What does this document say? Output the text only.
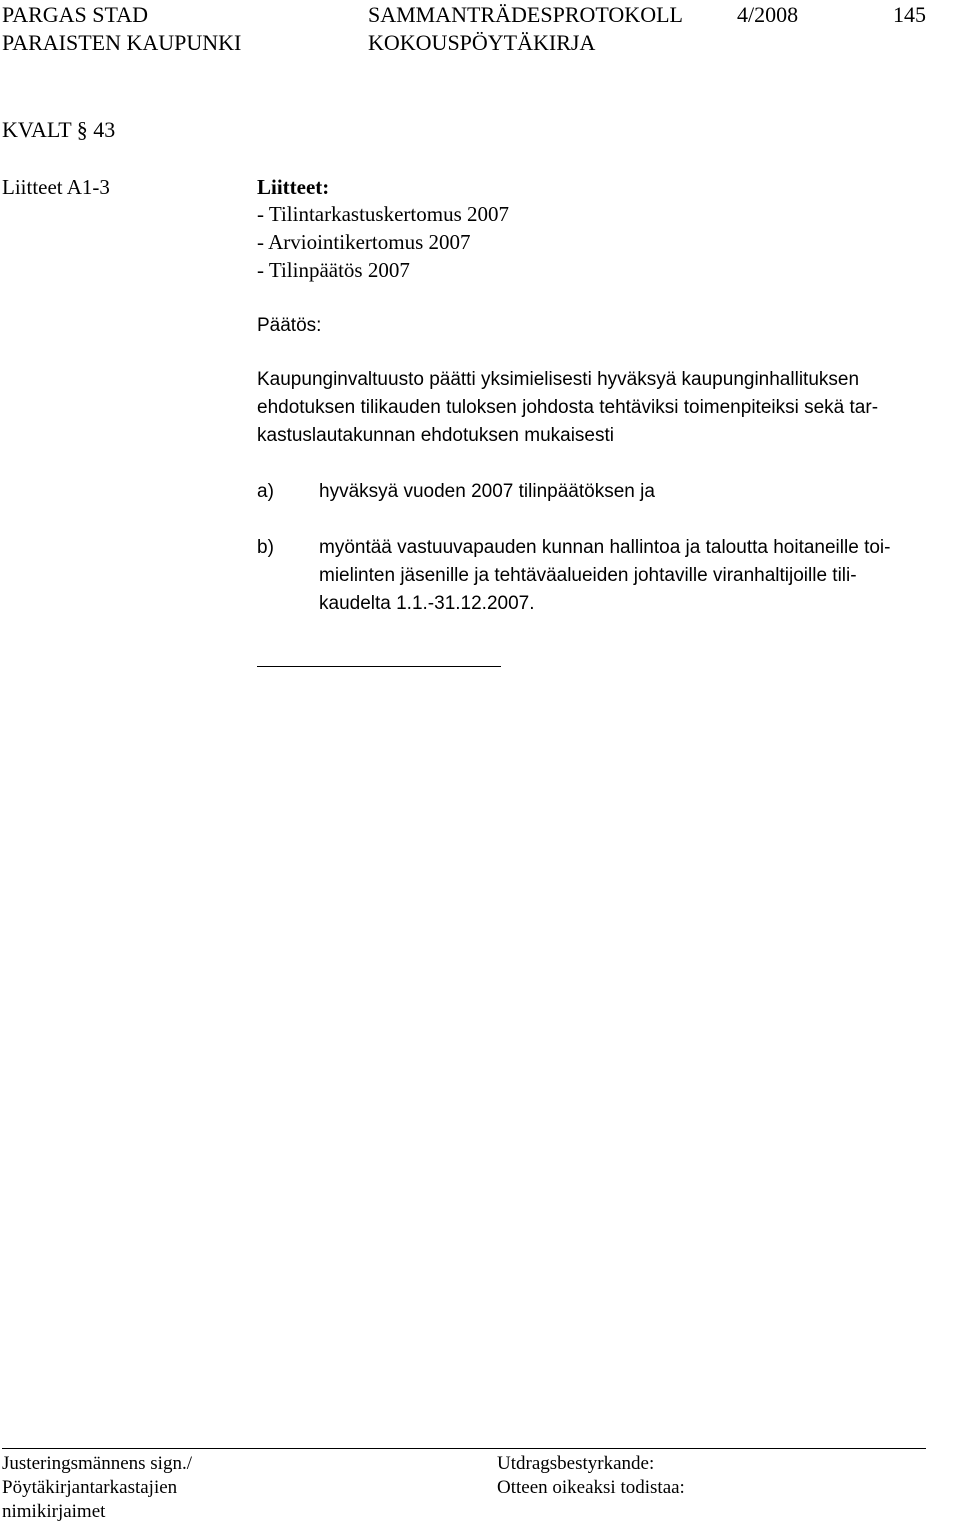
PARGAS STAD
PARAISTEN KAUPUNKI
SAMMANTRÄDESPROTOKOLL
KOKOUSPÖYTÄKIRJA
4/2008	145
KVALT § 43
Liitteet A1-3	Liitteet:
- Tilintarkastuskertomus 2007
- Arviointikertomus 2007
- Tilinpäätös 2007
Päätös:
Kaupunginvaltuusto päätti yksimielisesti hyväksyä kaupunginhallituksen
ehdotuksen tilikauden tuloksen johdosta tehtäviksi toimenpiteiksi sekä tar-
kastuslautakunnan ehdotuksen mukaisesti
a) hyväksyä vuoden 2007 tilinpäätöksen ja
b) myöntää vastuuvapauden kunnan hallintoa ja taloutta hoitaneille toi-
mielinten jäsenille ja tehtäväalueiden johtaville viranhaltijoille tili-
kaudelta 1.1.-31.12.2007.
Justeringsmännens sign./
Pöytäkirjantarkastajien
nimikirjaimet
Utdragsbestyrkande:
Otteen oikeaksi todistaa:
